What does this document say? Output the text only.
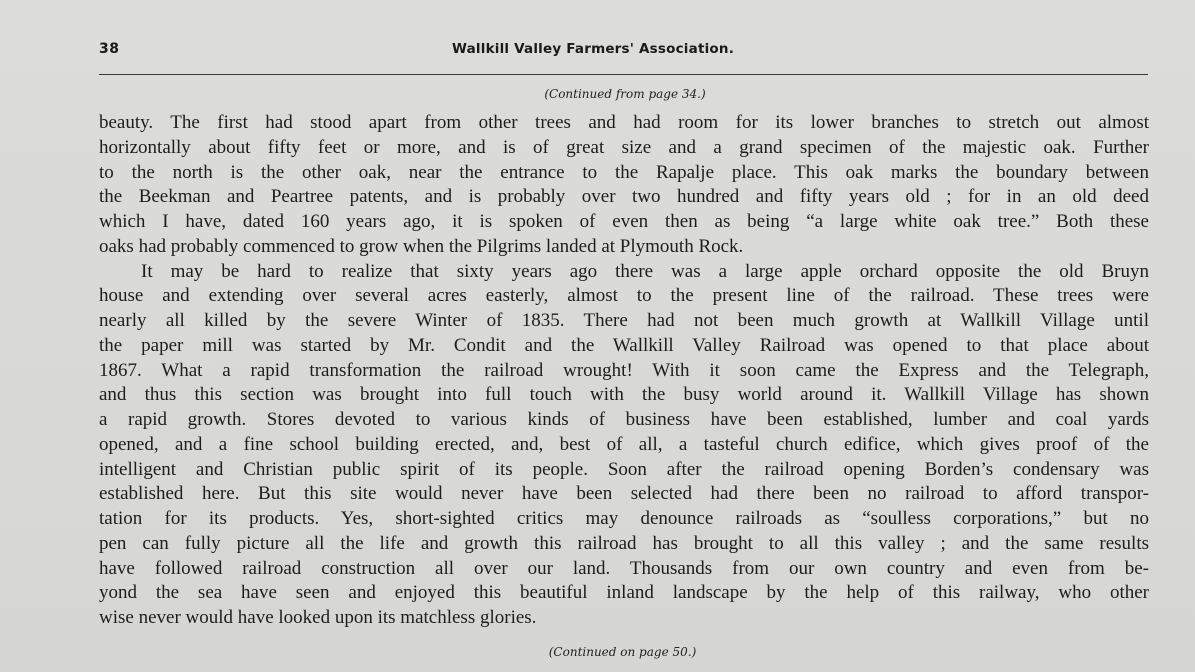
38	Wallkill Valley Farmers' Association.
(Continued from page 34.)

beauty. The first had stood apart from other trees and had room for its lower branches to stretch out almost
horizontally about fifty feet or more, and is of great size and a grand specimen of the majestic oak. Further
to the north is the other oak, near the entrance to the Rapalje place. This oak marks the boundary between
the Beekman and Peartree patents, and is probably over two hundred and fifty years old ; for in an old deed
which I have, dated 160 years ago, it is spoken of even then as being “a large white oak tree.” Both these
oaks had probably commenced to grow when the Pilgrims landed at Plymouth Rock.

It may be hard to realize that sixty years ago there was a large apple orchard opposite the old Bruyn
house and extending over several acres easterly, almost to the present line of the railroad. These trees were
nearly all killed by the severe Winter of 1835. There had not been much growth at Wallkill Village until
the paper mill was started by Mr. Condit and the Wallkill Valley Railroad was opened to that place about
1867. What a rapid transformation the railroad wrought! With it soon came the Express and the Telegraph,
and thus this section was brought into full touch with the busy world around it. Wallkill Village has shown
a rapid growth. Stores devoted to various kinds of business have been established, lumber and coal yards
opened, and a fine school building erected, and, best of all, a tasteful church edifice, which gives proof of the
intelligent and Christian public spirit of its people. Soon after the railroad opening Borden’s condensary was
established here. But this site would never have been selected had there been no railroad to afford transpor-
tation for its products. Yes, short-sighted critics may denounce railroads as “soulless corporations,” but no
pen can fully picture all the life and growth this railroad has brought to all this valley ; and the same results
have followed railroad construction all over our land. Thousands from our own country and even from be-
yond the sea have seen and enjoyed this beautiful inland landscape by the help of this railway, who other
wise never would have looked upon its matchless glories.

(Continued on page 50.)
